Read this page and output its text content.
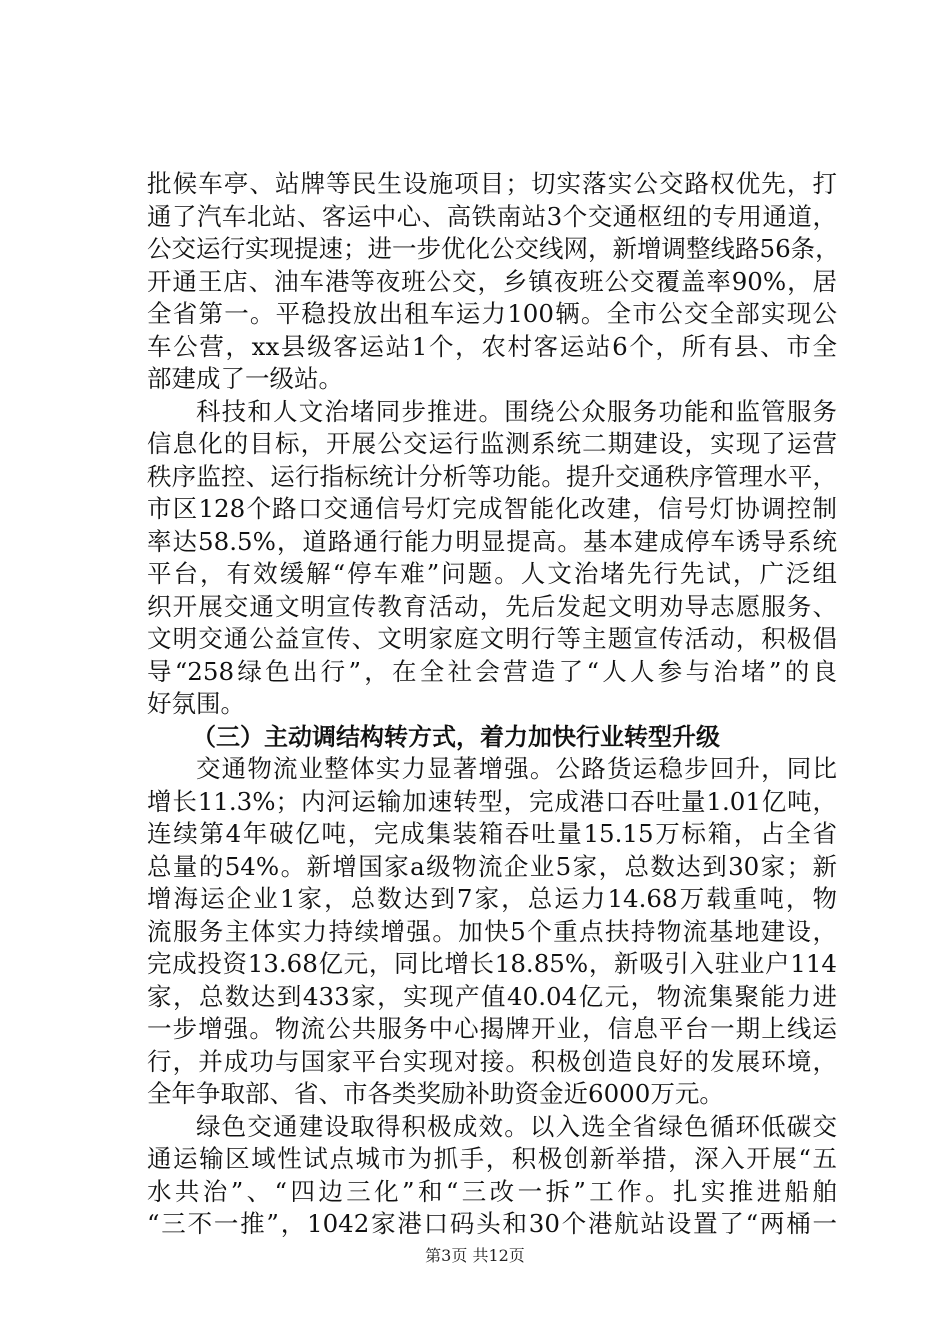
批候车亭、站牌等民生设施项目；切实落实公交路权优先，打
通了汽车北站、客运中心、高铁南站3个交通枢纽的专用通道，
公交运行实现提速；进一步优化公交线网，新增调整线路56条，
开通王店、油车港等夜班公交，乡镇夜班公交覆盖率90%，居
全省第一。平稳投放出租车运力100辆。全市公交全部实现公
车公营，xx县级客运站1个，农村客运站6个，所有县、市全
部建成了一级站。
科技和人文治堵同步推进。围绕公众服务功能和监管服务
信息化的目标，开展公交运行监测系统二期建设，实现了运营
秩序监控、运行指标统计分析等功能。提升交通秩序管理水平，
市区128个路口交通信号灯完成智能化改建，信号灯协调控制
率达58.5%，道路通行能力明显提高。基本建成停车诱导系统
平台，有效缓解“停车难”问题。人文治堵先行先试，广泛组
织开展交通文明宣传教育活动，先后发起文明劝导志愿服务、
文明交通公益宣传、文明家庭文明行等主题宣传活动，积极倡
导“258绿色出行”，在全社会营造了“人人参与治堵”的良
好氛围。
（三）主动调结构转方式，着力加快行业转型升级
交通物流业整体实力显著增强。公路货运稳步回升，同比
增长11.3%；内河运输加速转型，完成港口吞吐量1.01亿吨，
连续第4年破亿吨，完成集装箱吞吐量15.15万标箱，占全省
总量的54%。新增国家a级物流企业5家，总数达到30家；新
增海运企业1家，总数达到7家，总运力14.68万载重吨，物
流服务主体实力持续增强。加快5个重点扶持物流基地建设，
完成投资13.68亿元，同比增长18.85%，新吸引入驻业户114
家，总数达到433家，实现产值40.04亿元，物流集聚能力进
一步增强。物流公共服务中心揭牌开业，信息平台一期上线运
行，并成功与国家平台实现对接。积极创造良好的发展环境，
全年争取部、省、市各类奖励补助资金近6000万元。
绿色交通建设取得积极成效。以入选全省绿色循环低碳交
通运输区域性试点城市为抓手，积极创新举措，深入开展“五
水共治”、“四边三化”和“三改一拆”工作。扎实推进船舶
“三不一推”，1042家港口码头和30个港航站设置了“两桶一
第3页 共12页
